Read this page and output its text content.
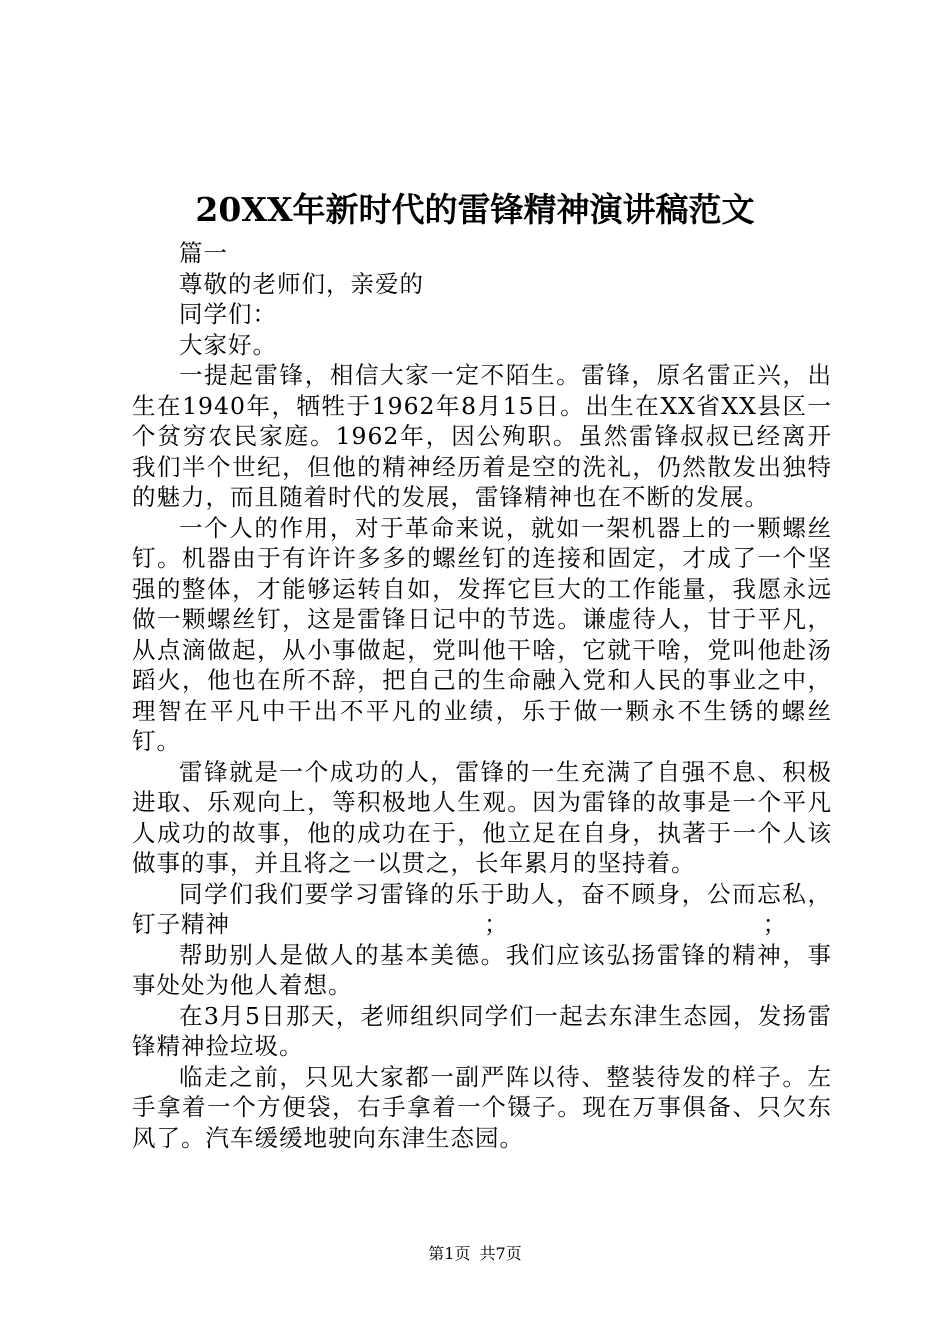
20XX年新时代的雷锋精神演讲稿范文

篇一

尊敬的老师们，亲爱的

同学们：

大家好。

一提起雷锋，相信大家一定不陌生。雷锋，原名雷正兴，出生在1940年，牺牲于1962年8月15日。出生在XX省XX县区一个贫穷农民家庭。1962年，因公殉职。虽然雷锋叔叔已经离开我们半个世纪，但他的精神经历着是空的洗礼，仍然散发出独特的魅力，而且随着时代的发展，雷锋精神也在不断的发展。

一个人的作用，对于革命来说，就如一架机器上的一颗螺丝钉。机器由于有许许多多的螺丝钉的连接和固定，才成了一个坚强的整体，才能够运转自如，发挥它巨大的工作能量，我愿永远做一颗螺丝钉，这是雷锋日记中的节选。谦虚待人，甘于平凡，从点滴做起，从小事做起，党叫他干啥，它就干啥，党叫他赴汤蹈火，他也在所不辞，把自己的生命融入党和人民的事业之中，理智在平凡中干出不平凡的业绩，乐于做一颗永不生锈的螺丝钉。

雷锋就是一个成功的人，雷锋的一生充满了自强不息、积极进取、乐观向上，等积极地人生观。因为雷锋的故事是一个平凡人成功的故事，他的成功在于，他立足在自身，执著于一个人该做事的事，并且将之一以贯之，长年累月的坚持着。

同学们我们要学习雷锋的乐于助人，奋不顾身，公而忘私，钉子精神                              ；                              ；

帮助别人是做人的基本美德。我们应该弘扬雷锋的精神，事事处处为他人着想。

在3月5日那天，老师组织同学们一起去东津生态园，发扬雷锋精神捡垃圾。

临走之前，只见大家都一副严阵以待、整装待发的样子。左手拿着一个方便袋，右手拿着一个镊子。现在万事俱备、只欠东风了。汽车缓缓地驶向东津生态园。

第1页 共7页
